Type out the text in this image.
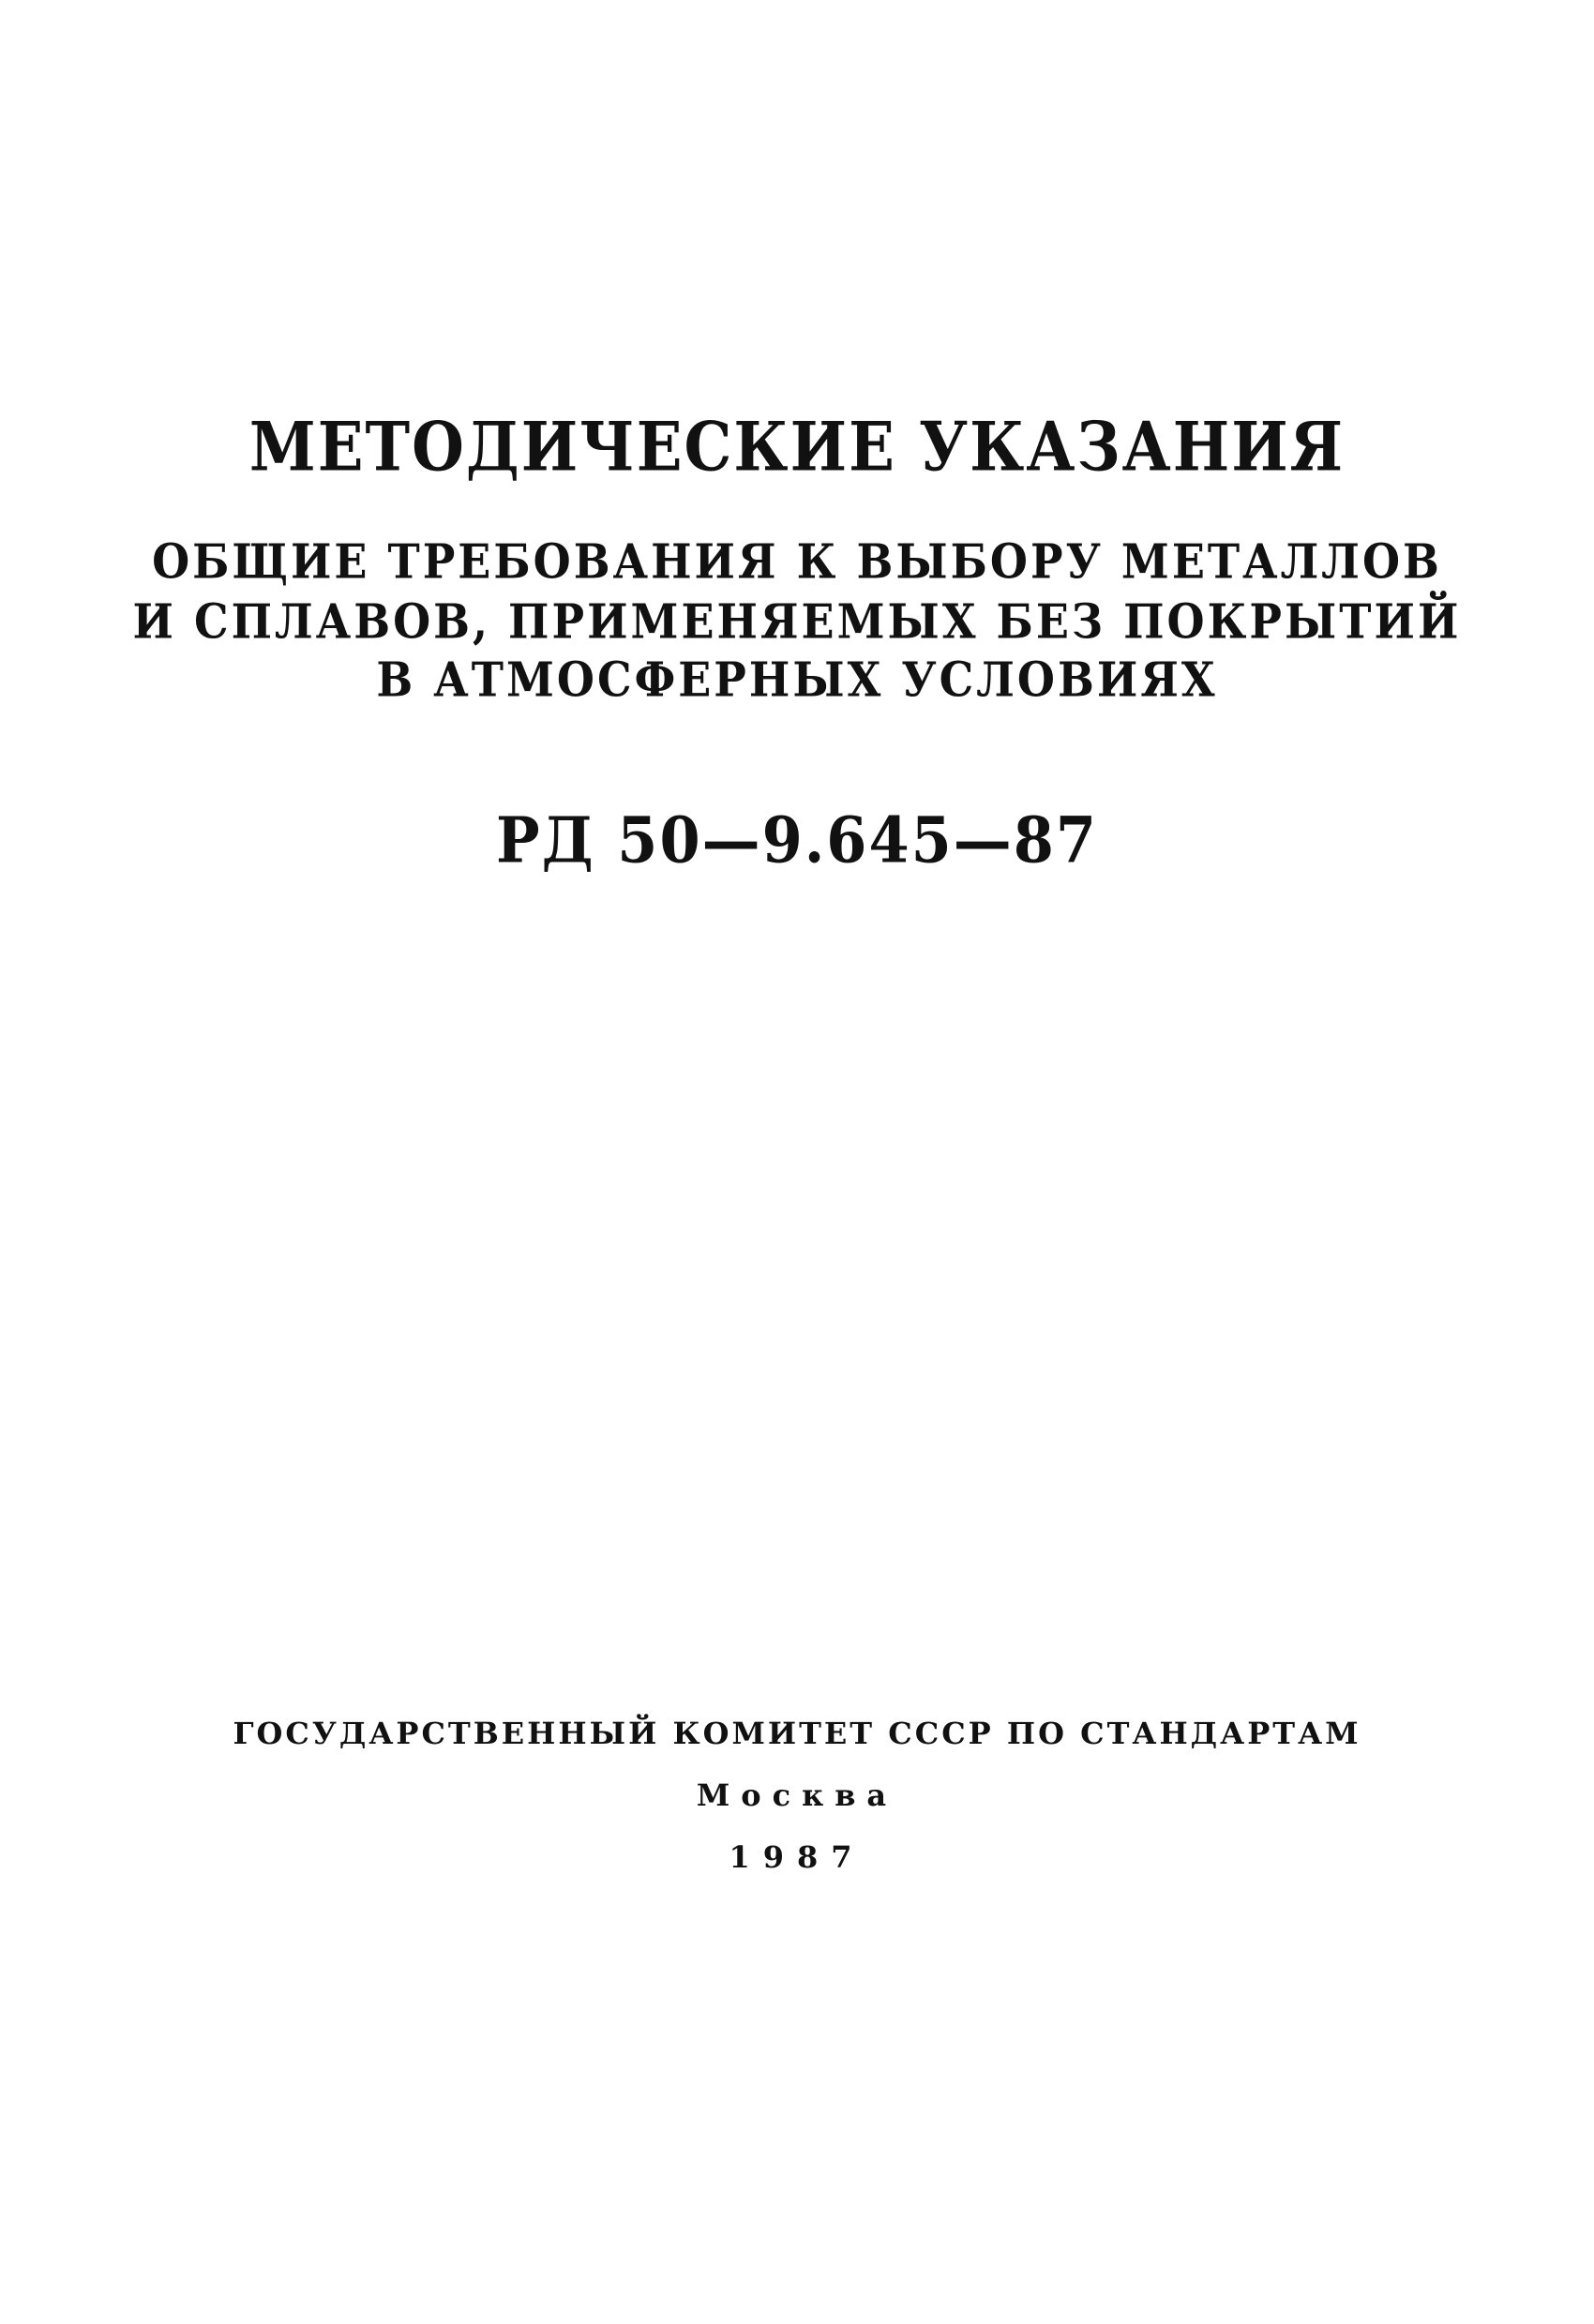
МЕТОДИЧЕСКИЕ УКАЗАНИЯ
ОБЩИЕ ТРЕБОВАНИЯ К ВЫБОРУ МЕТАЛЛОВ
И СПЛАВОВ, ПРИМЕНЯЕМЫХ БЕЗ ПОКРЫТИЙ
В АТМОСФЕРНЫХ УСЛОВИЯХ
РД 50—9.645—87
ГОСУДАРСТВЕННЫЙ КОМИТЕТ СССР ПО СТАНДАРТАМ
Москва
1987
